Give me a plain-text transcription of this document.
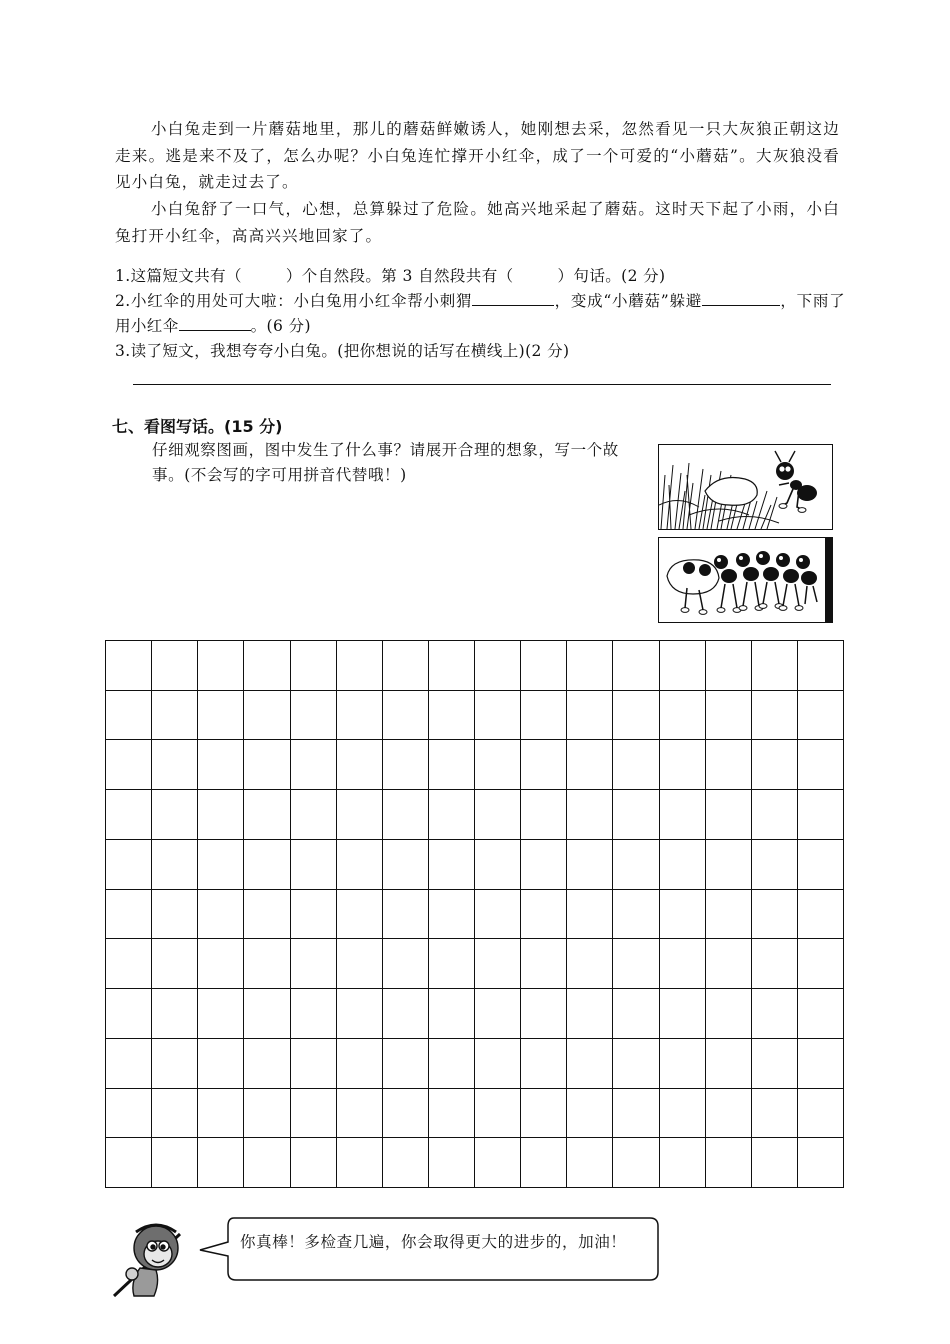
小白兔走到一片蘑菇地里，那儿的蘑菇鲜嫩诱人，她刚想去采，忽然看见一只大灰狼正朝这边走来。逃是来不及了，怎么办呢？小白兔连忙撑开小红伞，成了一个可爱的“小蘑菇”。大灰狼没看见小白兔，就走过去了。

小白兔舒了一口气，心想，总算躲过了危险。她高兴地采起了蘑菇。这时天下起了小雨，小白兔打开小红伞，高高兴兴地回家了。

1.这篇短文共有（	）个自然段。第 3 自然段共有（	）句话。(2 分)
2.小红伞的用处可大啦：小白兔用小红伞帮小刺猬	，变成“小蘑菇”躲避	，下雨了用小红伞	。(6 分)
3.读了短文，我想夸夸小白兔。(把你想说的话写在横线上)(2 分)
七、看图写话。(15 分)

仔细观察图画，图中发生了什么事？请展开合理的想象，写一个故事。(不会写的字可用拼音代替哦！)

你真棒！多检查几遍，你会取得更大的进步的，加油！
